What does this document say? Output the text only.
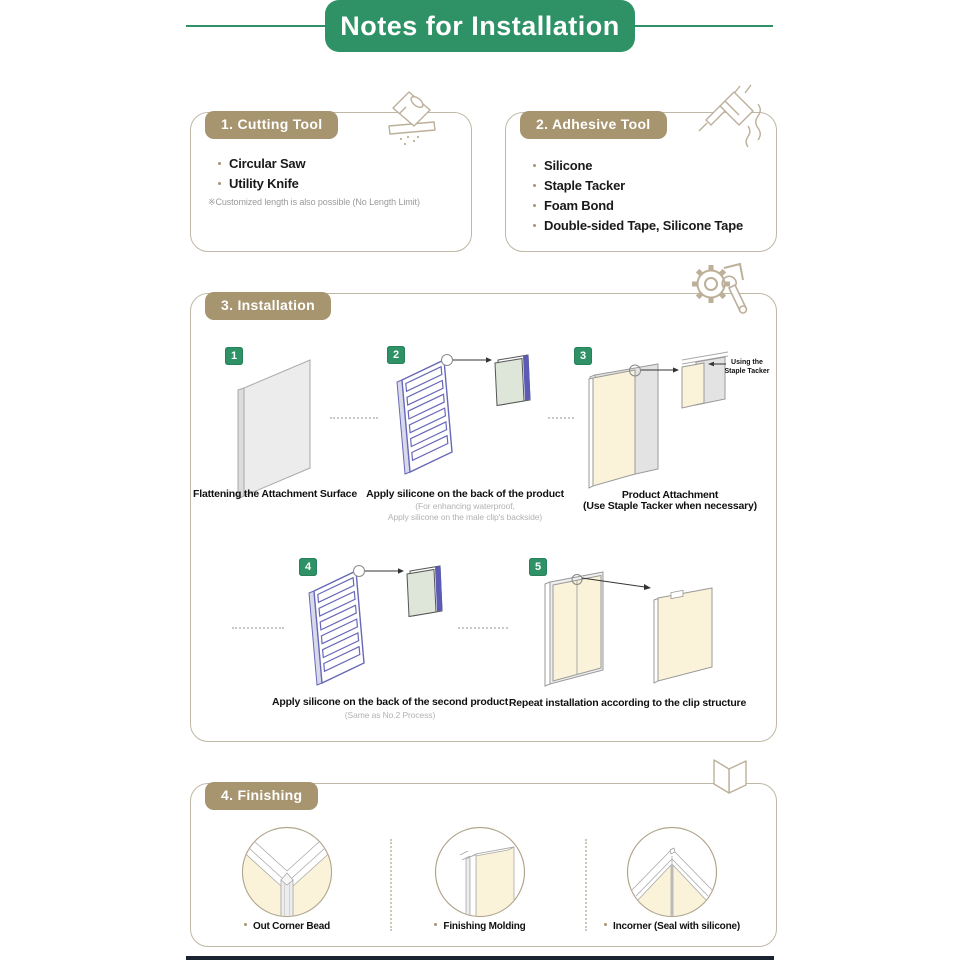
Notes for Installation
1. Cutting Tool
Circular Saw
Utility Knife
※Customized length is also possible (No Length Limit)
2. Adhesive Tool
Silicone
Staple Tacker
Foam Bond
Double-sided Tape, Silicone Tape
3. Installation
1
Flattening the Attachment Surface
2
Apply silicone on the back of the product
(For enhancing waterproof,
Apply silicone on the male clip's backside)
3
Using the
Staple Tacker
Product Attachment
(Use Staple Tacker when necessary)
4
Apply silicone on the back of the second product
(Same as No.2 Process)
5
Repeat installation according to the clip structure
4. Finishing
Out Corner Bead	Finishing Molding	Incorner (Seal with silicone)
